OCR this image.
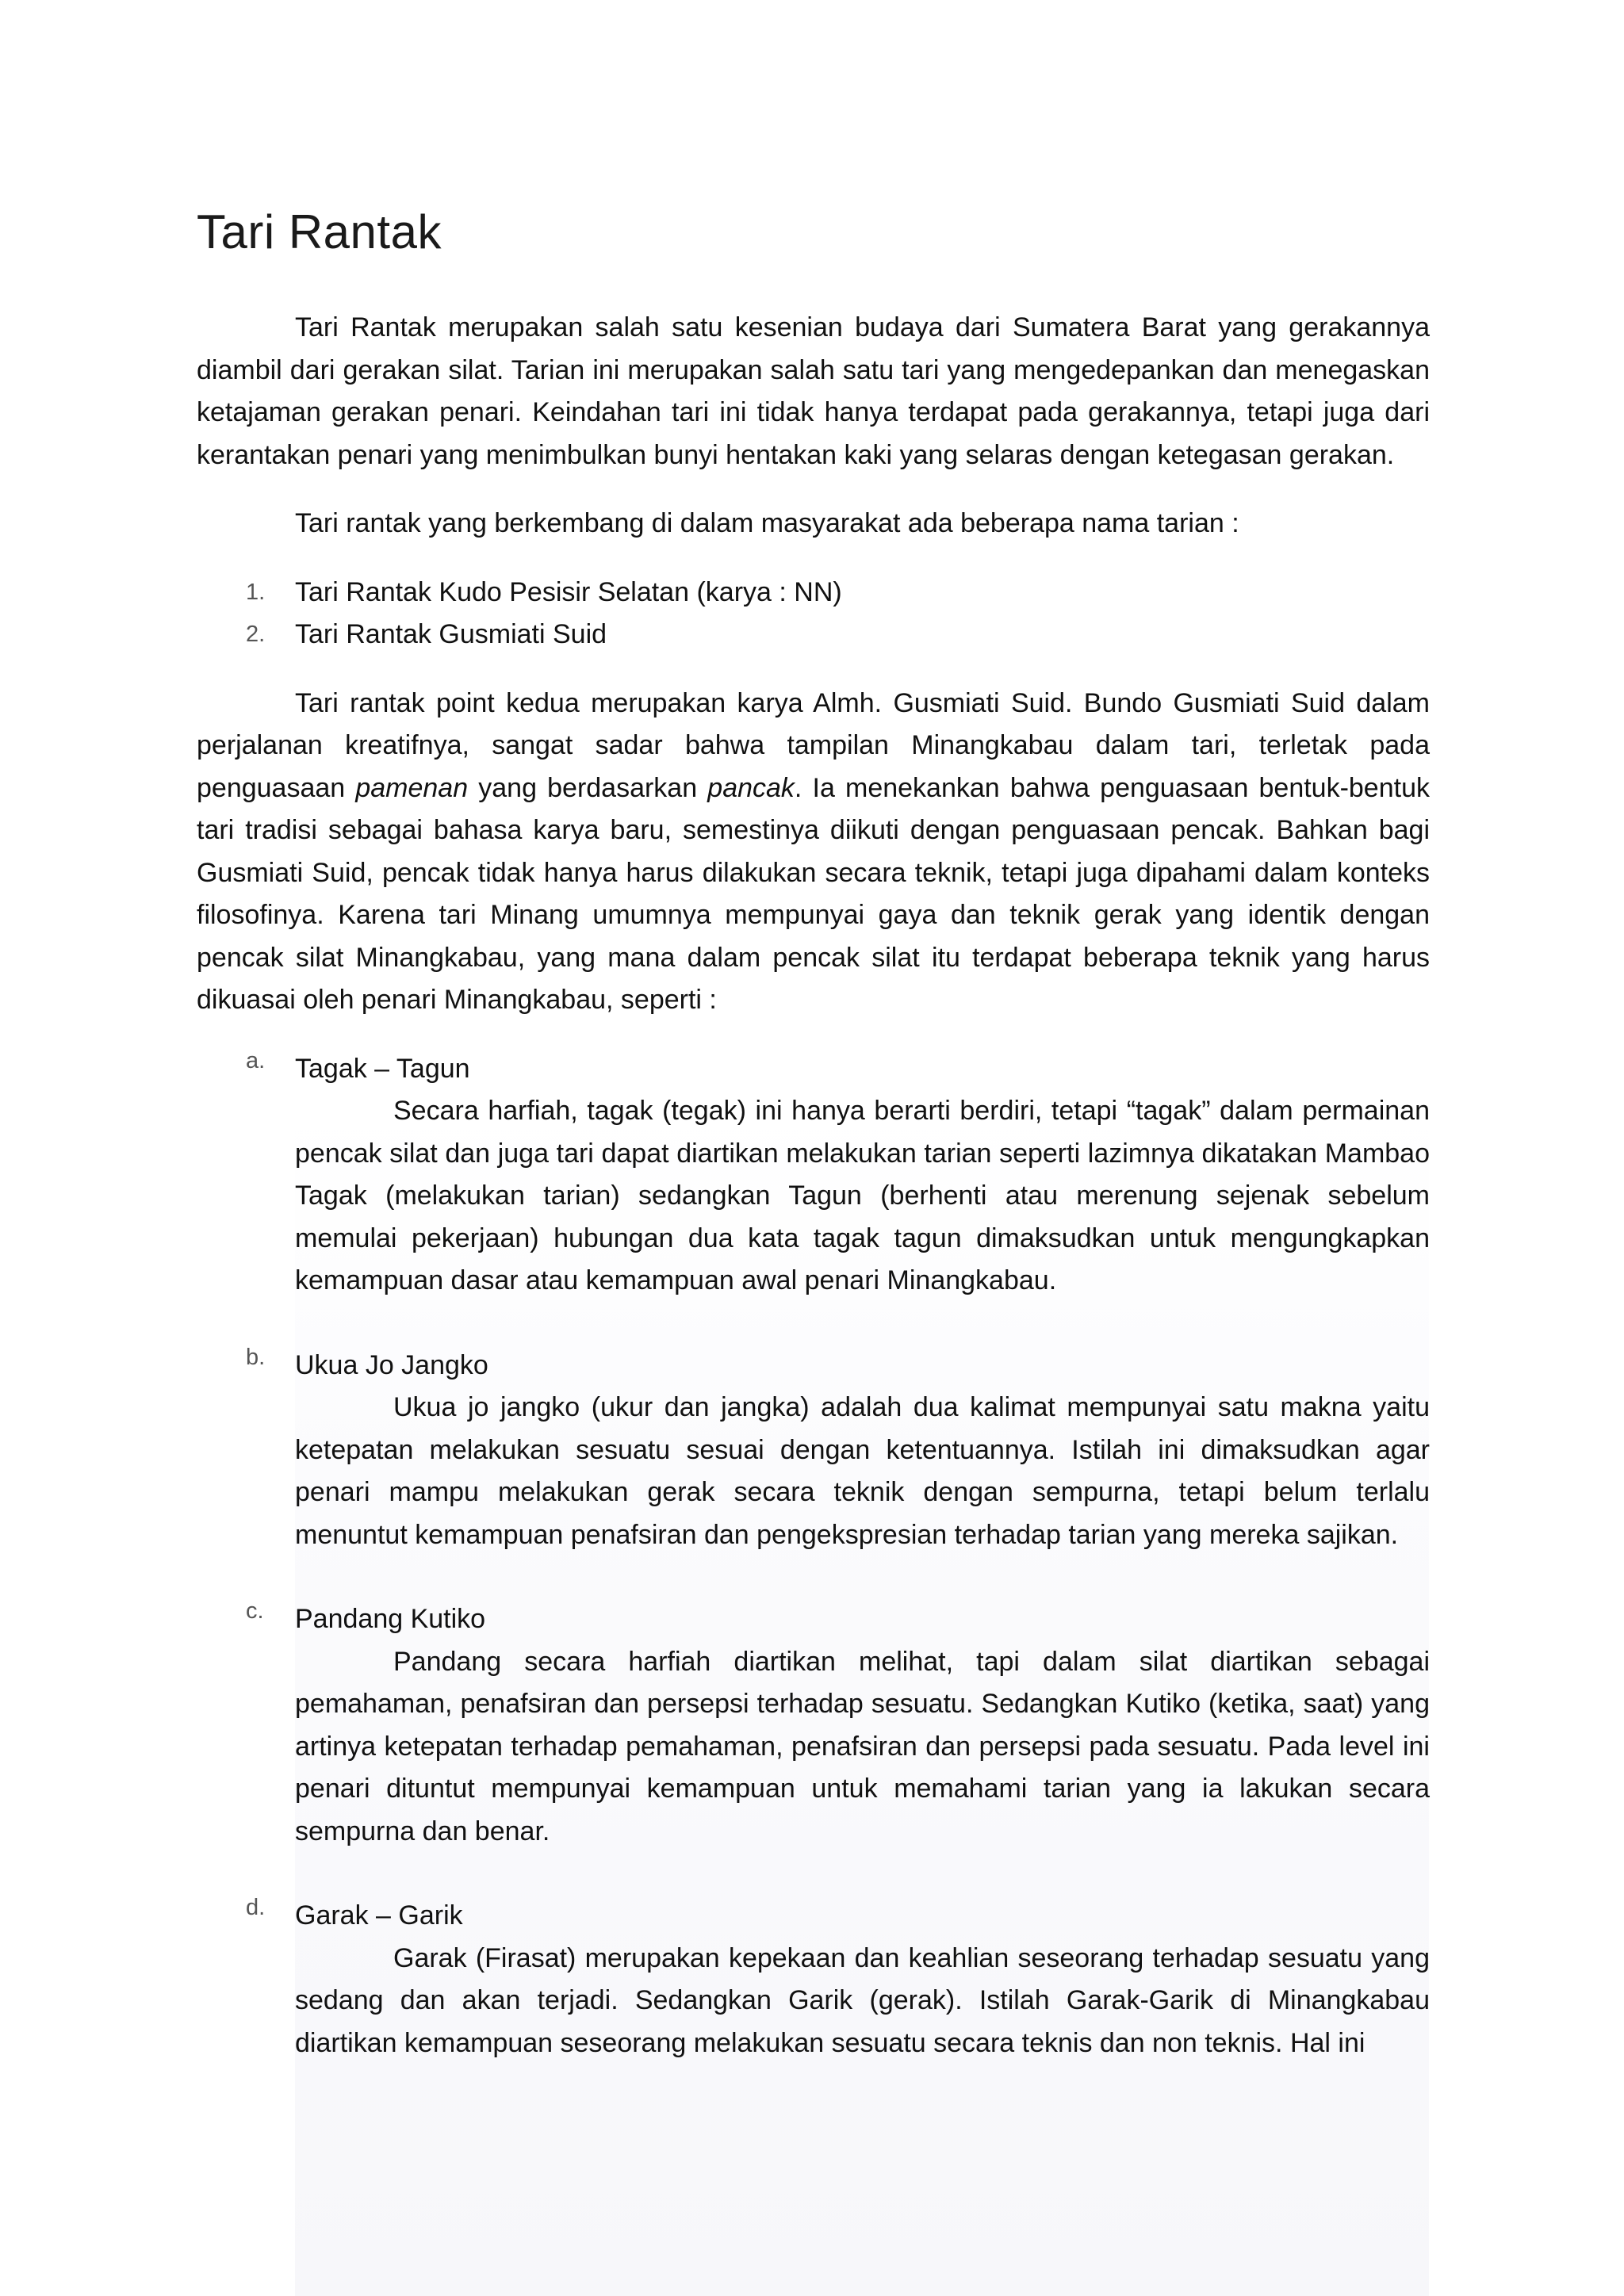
Tari Rantak

Tari Rantak merupakan salah satu kesenian budaya dari Sumatera Barat yang gerakannya diambil dari gerakan silat. Tarian ini merupakan salah satu tari yang mengedepankan dan menegaskan ketajaman gerakan penari. Keindahan tari ini tidak hanya terdapat pada gerakannya, tetapi juga dari kerantakan penari yang menimbulkan bunyi hentakan kaki yang selaras dengan ketegasan gerakan.

Tari rantak yang berkembang di dalam masyarakat ada beberapa nama tarian :

1. Tari Rantak Kudo Pesisir Selatan (karya : NN)
2. Tari Rantak Gusmiati Suid

Tari rantak point kedua merupakan karya Almh. Gusmiati Suid. Bundo Gusmiati Suid dalam perjalanan kreatifnya, sangat sadar bahwa tampilan Minangkabau dalam tari, terletak pada penguasaan pamenan yang berdasarkan pancak. Ia menekankan bahwa penguasaan bentuk-bentuk tari tradisi sebagai bahasa karya baru, semestinya diikuti dengan penguasaan pencak. Bahkan bagi Gusmiati Suid, pencak tidak hanya harus dilakukan secara teknik, tetapi juga dipahami dalam konteks filosofinya. Karena tari Minang umumnya mempunyai gaya dan teknik gerak yang identik dengan pencak silat Minangkabau, yang mana dalam pencak silat itu terdapat beberapa teknik yang harus dikuasai oleh penari Minangkabau, seperti :

a. Tagak – Tagun

Secara harfiah, tagak (tegak) ini hanya berarti berdiri, tetapi “tagak” dalam permainan pencak silat dan juga tari dapat diartikan melakukan tarian seperti lazimnya dikatakan Mambao Tagak (melakukan tarian) sedangkan Tagun (berhenti atau merenung sejenak sebelum memulai pekerjaan) hubungan dua kata tagak tagun dimaksudkan untuk mengungkapkan kemampuan dasar atau kemampuan awal penari Minangkabau.

b. Ukua Jo Jangko

Ukua jo jangko (ukur dan jangka) adalah dua kalimat mempunyai satu makna yaitu ketepatan melakukan sesuatu sesuai dengan ketentuannya. Istilah ini dimaksudkan agar penari mampu melakukan gerak secara teknik dengan sempurna, tetapi belum terlalu menuntut kemampuan penafsiran dan pengekspresian terhadap tarian yang mereka sajikan.

c. Pandang Kutiko

Pandang secara harfiah diartikan melihat, tapi dalam silat diartikan sebagai pemahaman, penafsiran dan persepsi terhadap sesuatu. Sedangkan Kutiko (ketika, saat) yang artinya ketepatan terhadap pemahaman, penafsiran dan persepsi pada sesuatu. Pada level ini penari dituntut mempunyai kemampuan untuk memahami tarian yang ia lakukan secara sempurna dan benar.

d. Garak – Garik

Garak (Firasat) merupakan kepekaan dan keahlian seseorang terhadap sesuatu yang sedang dan akan terjadi. Sedangkan Garik (gerak). Istilah Garak-Garik di Minangkabau diartikan kemampuan seseorang melakukan sesuatu secara teknis dan non teknis. Hal ini
